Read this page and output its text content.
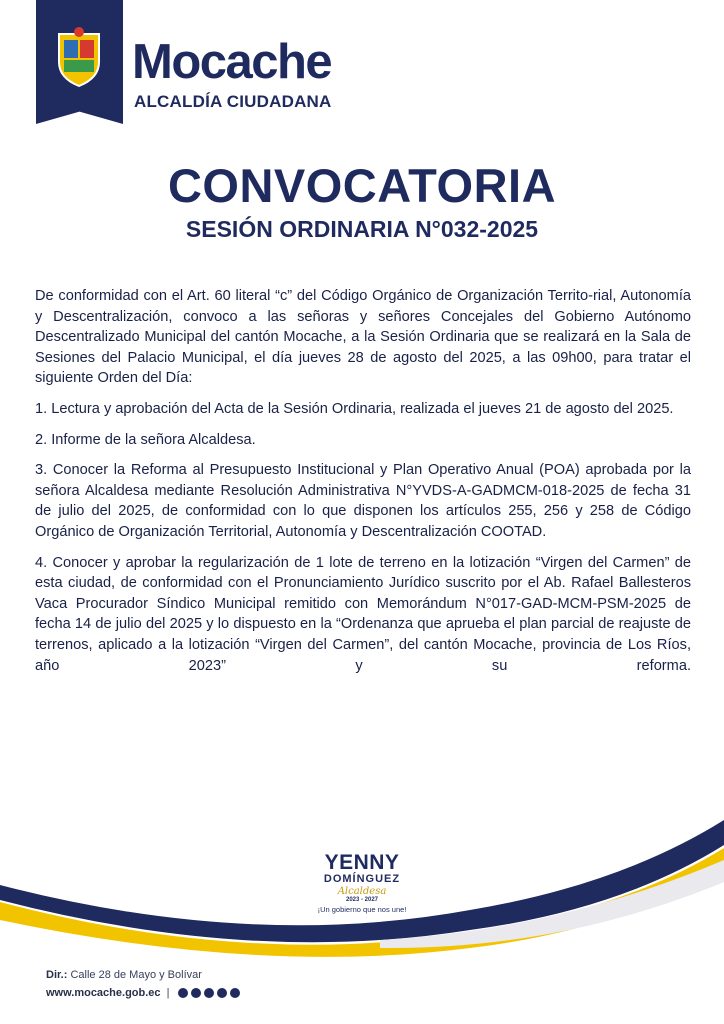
Mocache
ALCALDÍA CIUDADANA
CONVOCATORIA
SESIÓN ORDINARIA N°032-2025

De conformidad con el Art. 60 literal “c” del Código Orgánico de Organización Territo-rial, Autonomía y Descentralización, convoco a las señoras y señores Concejales del Gobierno Autónomo Descentralizado Municipal del cantón Mocache, a la Sesión Ordinaria que se realizará en la Sala de Sesiones del Palacio Municipal, el día jueves 28 de agosto del 2025, a las 09h00, para tratar el siguiente Orden del Día:

1. Lectura y aprobación del Acta de la Sesión Ordinaria, realizada el jueves 21 de agosto del 2025.

2. Informe de la señora Alcaldesa.

3. Conocer la Reforma al Presupuesto Institucional y Plan Operativo Anual (POA) aprobada por la señora Alcaldesa mediante Resolución Administrativa N°YVDS-A-GADMCM-018-2025 de fecha 31 de julio del 2025, de conformidad con lo que disponen los artículos 255, 256 y 258 de Código Orgánico de Organización Territorial, Autonomía y Descentralización COOTAD.

4. Conocer y aprobar la regularización de 1 lote de terreno en la lotización “Virgen del Carmen” de esta ciudad, de conformidad con el Pronunciamiento Jurídico suscrito por el Ab. Rafael Ballesteros Vaca Procurador Síndico Municipal remitido con Memorándum N°017-GAD-MCM-PSM-2025 de fecha 14 de julio del 2025 y lo dispuesto en la “Ordenanza que aprueba el plan parcial de reajuste de terrenos, aplicado a la lotización “Virgen del Carmen”, del cantón Mocache, provincia de Los Ríos, año 2023” y su reforma.

YENNY
DOMÍNGUEZ
Alcaldesa
2023 - 2027
¡Un gobierno que nos une!
Dir.: Calle 28 de Mayo y Bolívar
www.mocache.gob.ec |
